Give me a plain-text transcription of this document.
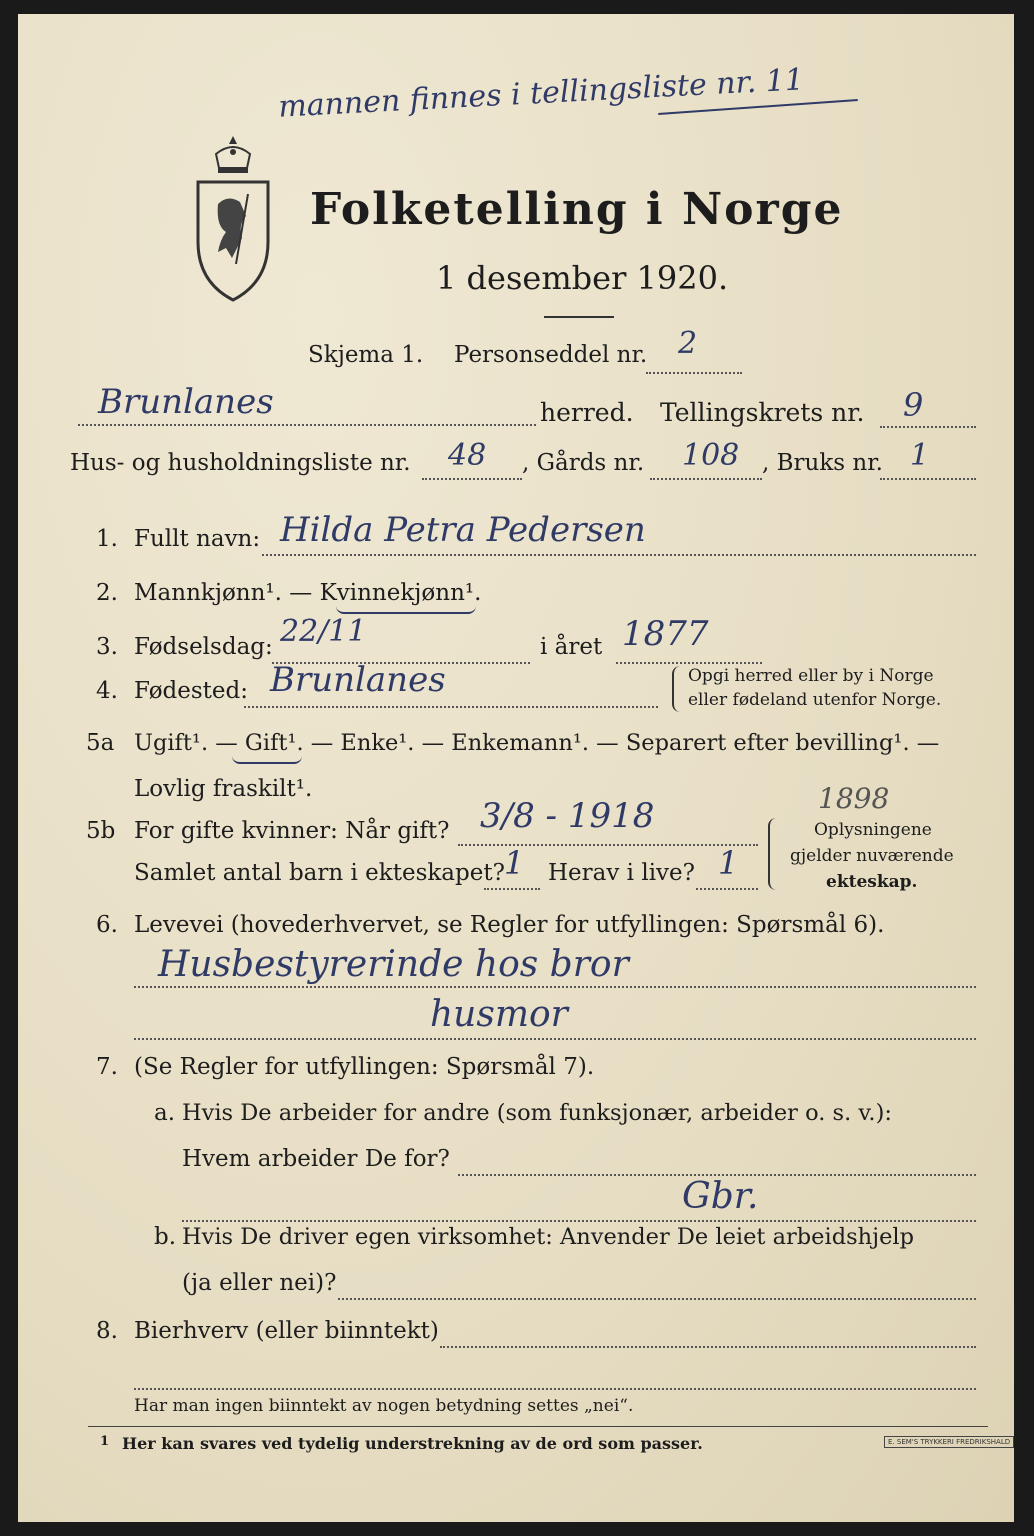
mannen finnes i tellingsliste nr. 11
Folketelling i Norge
1 desember 1920.
Skjema 1. Personseddel nr. 2
Brunlanes	herred. Tellingskrets nr. 9
Hus- og husholdningsliste nr. 48 , Gårds nr. 108 , Bruks nr. 1
1. Fullt navn: Hilda Petra Pedersen
2. Mannkjønn¹. — Kvinnekjønn¹.
3. Fødselsdag: 22/11	i året 1877
4. Fødested: Brunlanes	Opgi herred eller by i Norge
eller fødeland utenfor Norge.
5a Ugift¹. — Gift¹. — Enke¹. — Enkemann¹. — Separert efter bevilling¹. —
Lovlig fraskilt¹.	1898
5b For gifte kvinner: Når gift? 3/8 - 1918
Samlet antal barn i ekteskapet? 1 Herav i live? 1
Oplysningene
gjelder nuværende
ekteskap.
6. Levevei (hovederhvervet, se Regler for utfyllingen: Spørsmål 6).
Husbestyrerinde hos bror
husmor
7. (Se Regler for utfyllingen: Spørsmål 7).
a. Hvis De arbeider for andre (som funksjonær, arbeider o. s. v.):
Hvem arbeider De for?
Gbr.
b. Hvis De driver egen virksomhet: Anvender De leiet arbeidshjelp
(ja eller nei)?
8. Bierhverv (eller biinntekt)
Har man ingen biinntekt av nogen betydning settes „nei“.
1 Her kan svares ved tydelig understrekning av de ord som passer.	E. SEM'S TRYKKERI FREDRIKSHALD
